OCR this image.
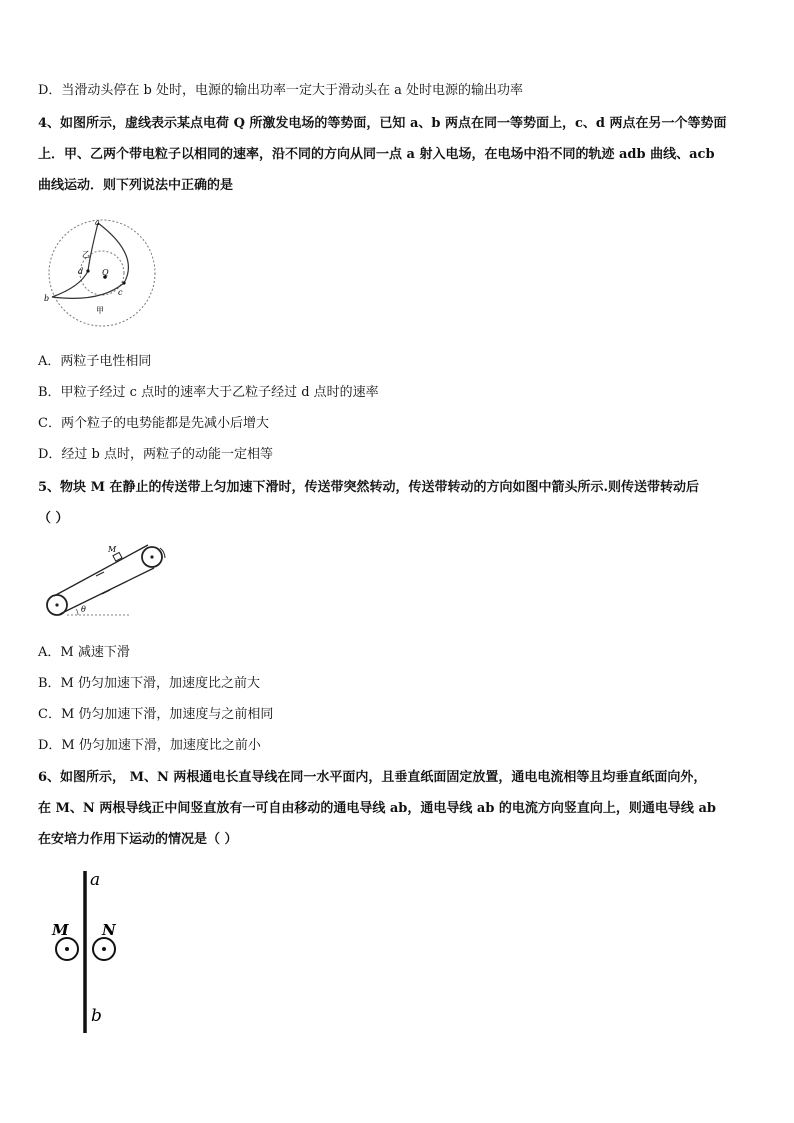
D．当滑动头停在 b 处时，电源的输出功率一定大于滑动头在 a 处时电源的输出功率
4、如图所示，虚线表示某点电荷 Q 所激发电场的等势面，已知 a、b 两点在同一等势面上，c、d 两点在另一个等势面
上．甲、乙两个带电粒子以相同的速率，沿不同的方向从同一点 a 射入电场，在电场中沿不同的轨迹 adb 曲线、acb
曲线运动．则下列说法中正确的是
a
b
c
d Q
乙
甲
A．两粒子电性相同
B．甲粒子经过 c 点时的速率大于乙粒子经过 d 点时的速率
C．两个粒子的电势能都是先减小后增大
D．经过 b 点时，两粒子的动能一定相等
5、物块 M 在静止的传送带上匀加速下滑时，传送带突然转动，传送带转动的方向如图中箭头所示.则传送带转动后
（ ）
M
θ
A．M 减速下滑
B．M 仍匀加速下滑，加速度比之前大
C．M 仍匀加速下滑，加速度与之前相同
D．M 仍匀加速下滑，加速度比之前小
6、如图所示， M、N 两根通电长直导线在同一水平面内，且垂直纸面固定放置，通电电流相等且均垂直纸面向外，
在 M、N 两根导线正中间竖直放有一可自由移动的通电导线 ab，通电导线 ab 的电流方向竖直向上，则通电导线 ab
在安培力作用下运动的情况是（ ）
a
b
M N
